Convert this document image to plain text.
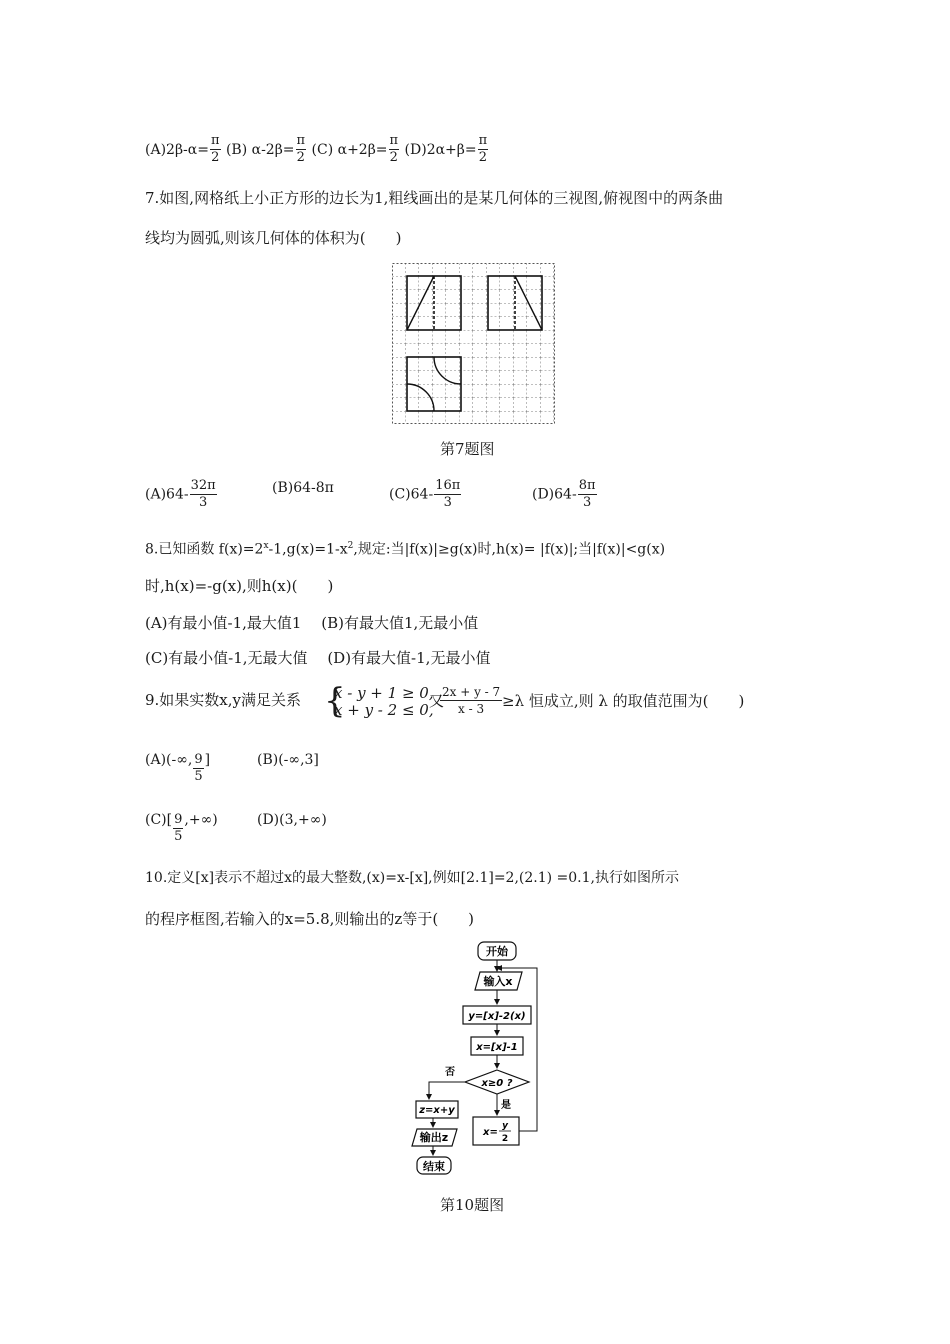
$(A)2\beta-\alpha= \frac{\pi}{2} (B)$ $\alpha-2\beta= \frac{\pi}{2} (C)$ $\alpha+2\beta= \frac{\pi}{2} (D)2\alpha+\beta= \frac{\pi}{2}$
7.如图,网格纸上小正方形的边长为1,粗线画出的是某几何体的三视图,俯视图中的两条曲
线均为圆弧,则该几何体的体积为(　　)
第7题图
$(A)64- \frac{32\pi}{3}$	(B)64-8π	$(C)64- \frac{16\pi}{3}$	$(D)64- \frac{8\pi}{3}$
8.已知函数 $f(x)=2^x-1,g(x)=1-x^2$,规定:当|f(x)|≥g(x)时,h(x)= |f(x)|;当|f(x)|<g(x)
时,h(x)=-g(x),则h(x)(　　)
(A)有最小值-1,最大值1　 (B)有最大值1,无最小值
(C)有最小值-1,无最大值　 (D)有最大值-1,无最小值
9.如果实数x,y满足关系 {
x - y + 1 ≥ 0,
x + y - 2 ≤ 0,
又
$\frac{2x + y - 7}{x - 3} \ge\lambda$ 恒成立,则 λ 的取值范围为(　　)
(A)(-∞, $\frac{9}{5}$ ]	(B)(-∞,3]
$(C)[ \frac{9}{5}$ ,+∞)	(D)(3,+∞)
10.定义[x]表示不超过x的最大整数,(x)=x-[x],例如[2.1]=2,(2.1) =0.1,执行如图所示
的程序框图,若输入的x=5.8,则输出的z等于(　　)
开始
输入x
y=[x]-2(x)
x=[x]-1
x≥0 ?
是
x=
y
2
否
z=x+y
输出z
结束
第10题图
